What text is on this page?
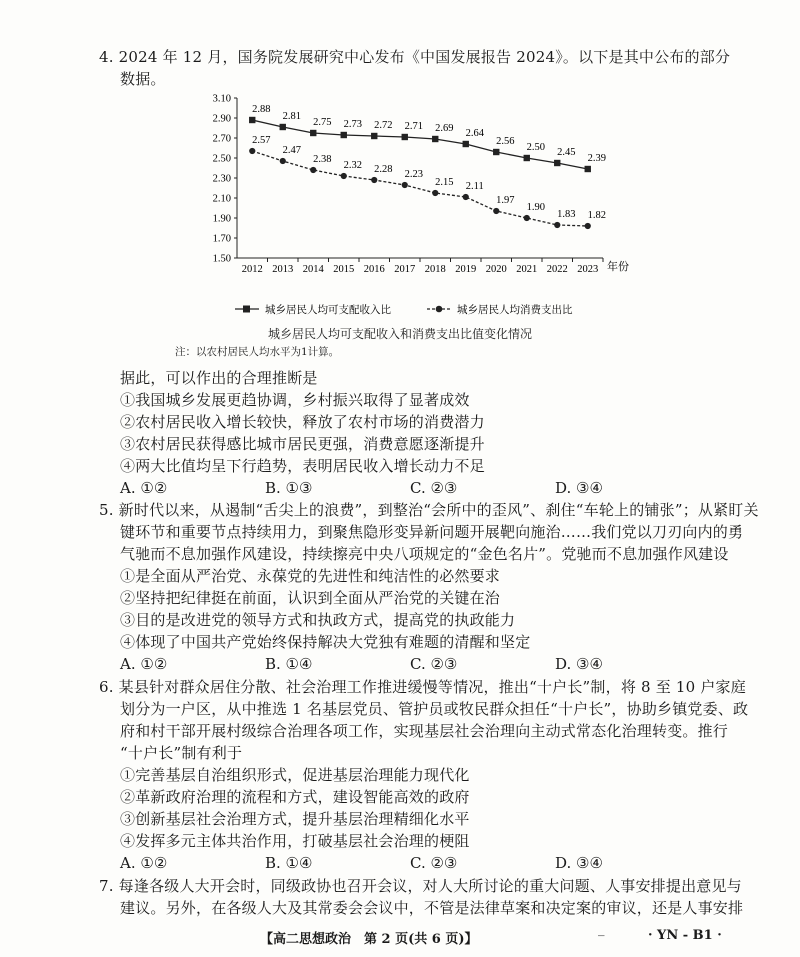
4. 2024 年 12 月，国务院发展研究中心发布《中国发展报告 2024》。以下是其中公布的部分
数据。
1.50
1.70
1.90
2.10
2.30
2.50
2.70
2.90
3.10
2012 2013 2014 2015 2016 2017 2018 2019 2020 2021 2022 2023
2.88
2.81
2.75 2.73 2.72 2.71 2.69 2.64
2.56
2.50 2.45
2.39
2.57
2.47
2.38
2.32 2.28 2.23
2.15 2.11
1.97
1.90
1.83 1.82
年份
城乡居民人均可支配收入比	城乡居民人均消费支出比
城乡居民人均可支配收入和消费支出比值变化情况
注：以农村居民人均水平为1计算。
据此，可以作出的合理推断是
①我国城乡发展更趋协调，乡村振兴取得了显著成效
②农村居民收入增长较快，释放了农村市场的消费潜力
③农村居民获得感比城市居民更强，消费意愿逐渐提升
④两大比值均呈下行趋势，表明居民收入增长动力不足
A. ①②	B. ①③	C. ②③	D. ③④
5. 新时代以来，从遏制“舌尖上的浪费”，到整治“会所中的歪风”、刹住“车轮上的铺张”；从紧盯关
键环节和重要节点持续用力，到聚焦隐形变异新问题开展靶向施治……我们党以刀刃向内的勇
气驰而不息加强作风建设，持续擦亮中央八项规定的“金色名片”。党驰而不息加强作风建设
①是全面从严治党、永葆党的先进性和纯洁性的必然要求
②坚持把纪律挺在前面，认识到全面从严治党的关键在治
③目的是改进党的领导方式和执政方式，提高党的执政能力
④体现了中国共产党始终保持解决大党独有难题的清醒和坚定
A. ①②	B. ①④	C. ②③	D. ③④
6. 某县针对群众居住分散、社会治理工作推进缓慢等情况，推出“十户长”制，将 8 至 10 户家庭
划分为一户区，从中推选 1 名基层党员、管护员或牧民群众担任“十户长”，协助乡镇党委、政
府和村干部开展村级综合治理各项工作，实现基层社会治理向主动式常态化治理转变。推行
“十户长”制有利于
①完善基层自治组织形式，促进基层治理能力现代化
②革新政府治理的流程和方式，建设智能高效的政府
③创新基层社会治理方式，提升基层治理精细化水平
④发挥多元主体共治作用，打破基层社会治理的梗阻
A. ①②	B. ①④	C. ②③	D. ③④
7. 每逢各级人大开会时，同级政协也召开会议，对人大所讨论的重大问题、人事安排提出意见与
建议。另外，在各级人大及其常委会会议中，不管是法律草案和决定案的审议，还是人事安排
【高二思想政治　第 2 页(共 6 页)】
_	· YN - B1 ·
